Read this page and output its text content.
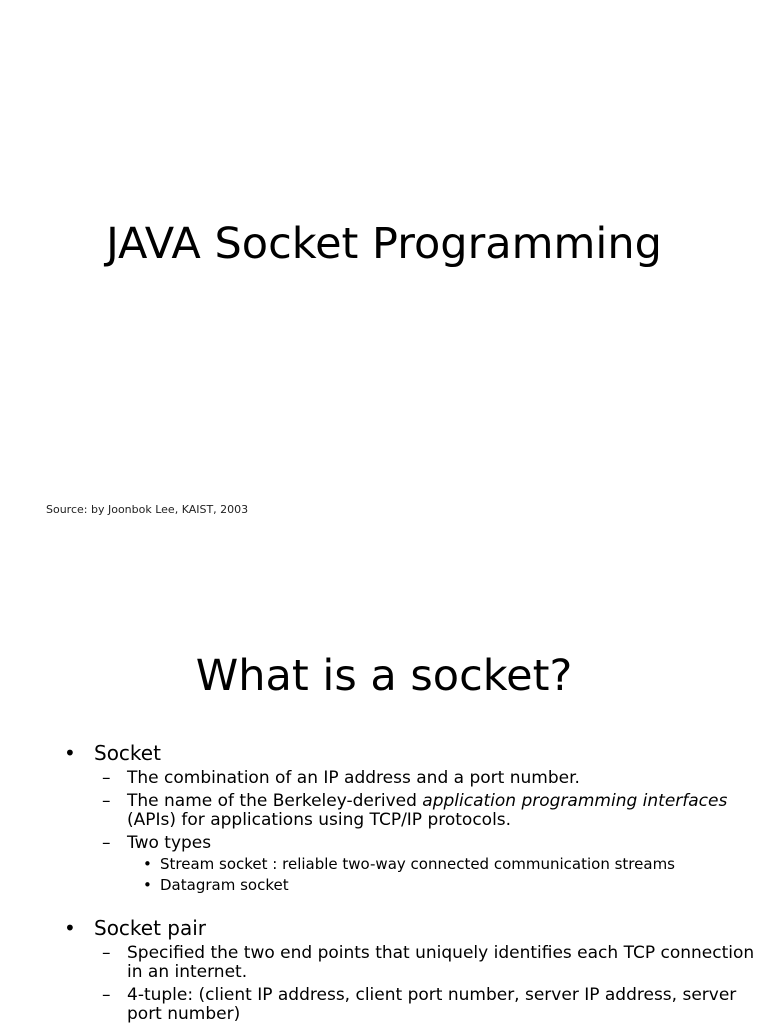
JAVA Socket Programming
Source: by Joonbok Lee, KAIST, 2003
What is a socket?
• Socket
– The combination of an IP address and a port number.
– The name of the Berkeley-derived application programming interfaces (APIs) for applications using TCP/IP protocols.
– Two types
• Stream socket : reliable two-way connected communication streams
• Datagram socket
• Socket pair
– Specified the two end points that uniquely identifies each TCP connection in an internet.
– 4-tuple: (client IP address, client port number, server IP address, server port number)
